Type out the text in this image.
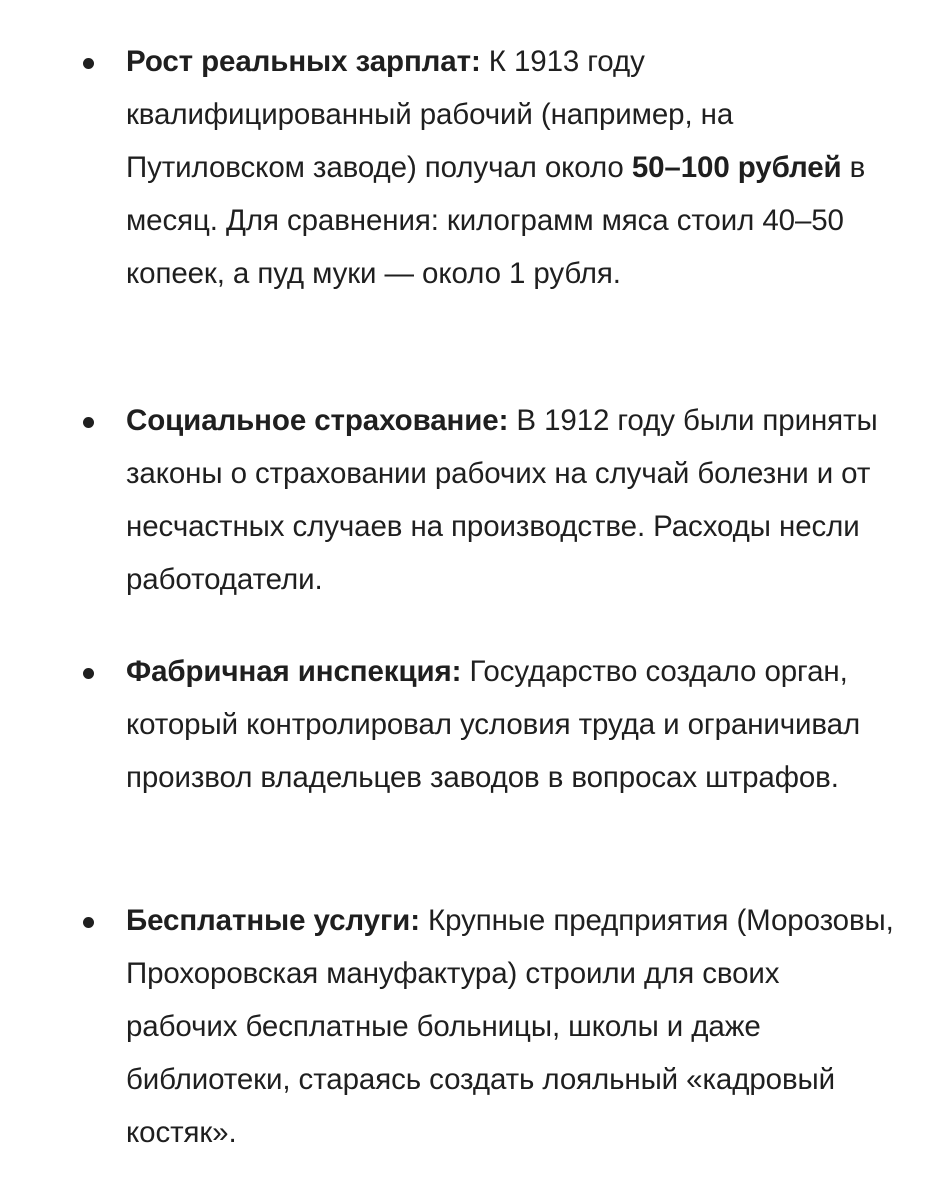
Рост реальных зарплат: К 1913 году квалифицированный рабочий (например, на Путиловском заводе) получал около 50–100 рублей в месяц. Для сравнения: килограмм мяса стоил 40–50 копеек, а пуд муки — около 1 рубля.
Социальное страхование: В 1912 году были приняты законы о страховании рабочих на случай болезни и от несчастных случаев на производстве. Расходы несли работодатели.
Фабричная инспекция: Государство создало орган, который контролировал условия труда и ограничивал произвол владельцев заводов в вопросах штрафов.
Бесплатные услуги: Крупные предприятия (Морозовы, Прохоровская мануфактура) строили для своих рабочих бесплатные больницы, школы и даже библиотеки, стараясь создать лояльный «кадровый костяк».
